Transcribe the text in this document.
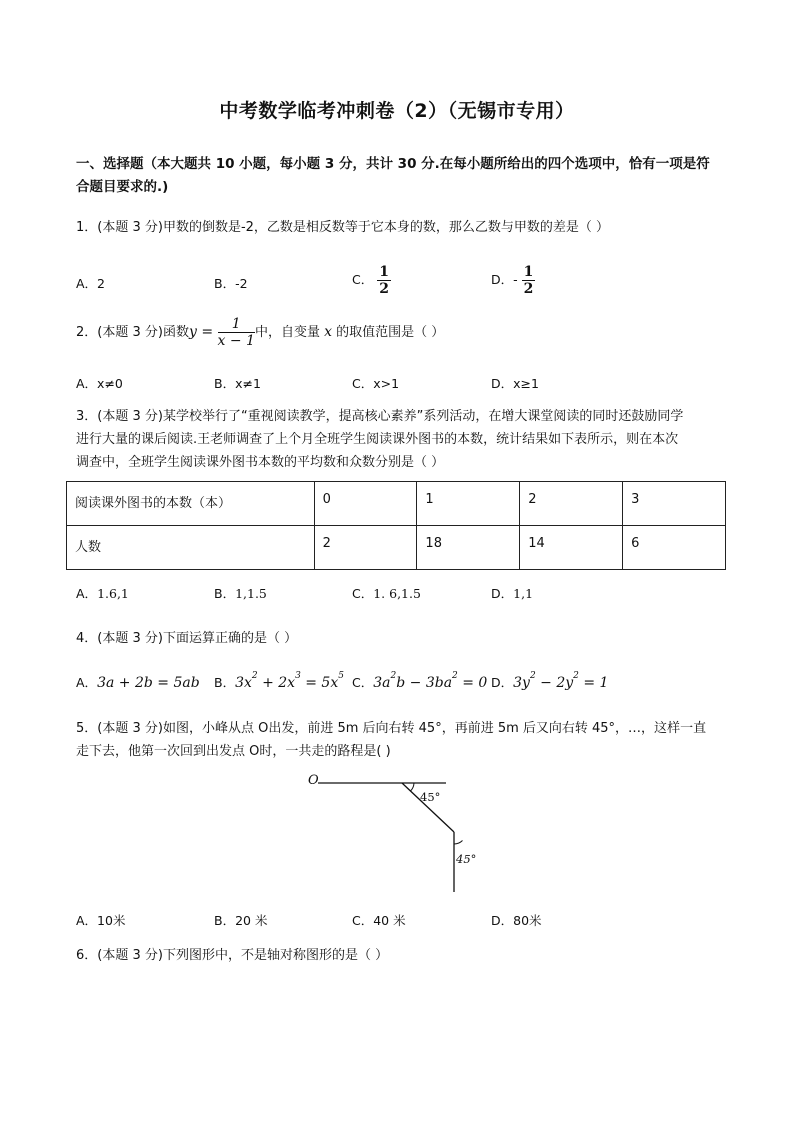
中考数学临考冲刺卷（2）（无锡市专用）
一、选择题（本大题共 10 小题，每小题 3 分，共计 30 分.在每小题所给出的四个选项中，恰有一项是符
合题目要求的.)
1．(本题 3 分)甲数的倒数是-2，乙数是相反数等于它本身的数，那么乙数与甲数的差是（ ）
A．2	B．-2	C． $\frac{1}{2}$	D．- $\frac{1}{2}$
2．(本题 3 分)函数$y = \frac{1}{x - 1}$ 中，自变量 x 的取值范围是（ ）
A．x≠0	B．x≠1	C．x>1	D．x≥1
3．(本题 3 分)某学校举行了“重视阅读教学，提高核心素养”系列活动，在增大课堂阅读的同时还鼓励同学
进行大量的课后阅读.王老师调查了上个月全班学生阅读课外图书的本数，统计结果如下表所示，则在本次
调查中，全班学生阅读课外图书本数的平均数和众数分别是（ ）
阅读课外图书的本数（本）	0	1	2	3
人数	2	18	14	6
A．1.6,1	B．1,1.5	C．1. 6,1.5	D．1,1
4．(本题 3 分)下面运算正确的是（ ）
A．3a + 2b = 5ab B．$3x^2 + 2x^3 = 5x^5$ C．$3a^2b - 3ba^2 = 0$ D．$3y^2 - 2y^2 = 1$
5．(本题 3 分)如图，小峰从点 O出发，前进 5m 后向右转 45°，再前进 5m 后又向右转 45°，…，这样一直
走下去，他第一次回到出发点 O时，一共走的路程是( )
O
45°
45°
A．10米	B．20 米	C．40 米	D．80米
6．(本题 3 分)下列图形中，不是轴对称图形的是（ ）
